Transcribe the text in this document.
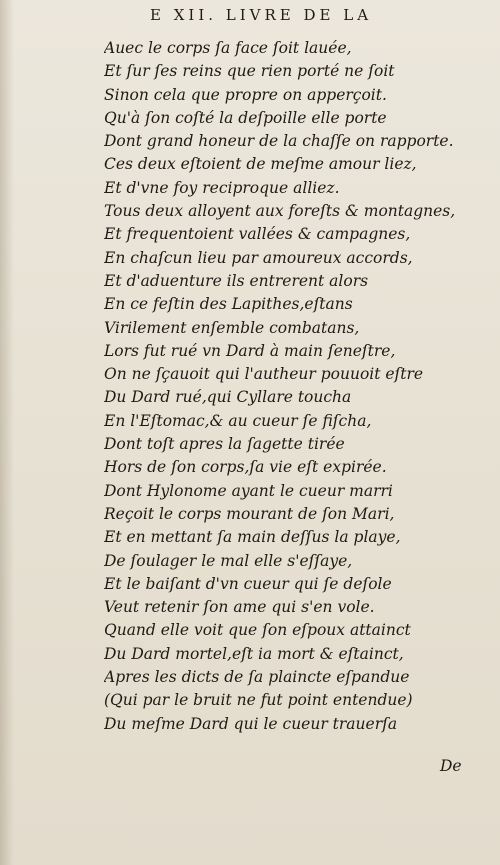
E XII. LIVRE DE LA
Auec le corps ſa face ſoit lauée,
Et ſur ſes reins que rien porté ne ſoit
Sinon cela que propre on apperçoit.
Qu'à ſon coſté la deſpoille elle porte
Dont grand honeur de la chaſſe on rapporte.
Ces deux eſtoient de meſme amour liez,
Et d'vne foy reciproque alliez.
Tous deux alloyent aux foreſts & montagnes,
Et frequentoient vallées & campagnes,
En chaſcun lieu par amoureux accords,
Et d'aduenture ils entrerent alors
En ce feſtin des Lapithes,eſtans
Virilement enſemble combatans,
Lors fut rué vn Dard à main ſeneſtre,
On ne ſçauoit qui l'autheur pouuoit eſtre
Du Dard rué,qui Cyllare toucha
En l'Eſtomac,& au cueur ſe fiſcha,
Dont toſt apres la ſagette tirée
Hors de ſon corps,ſa vie eſt expirée.
Dont Hylonome ayant le cueur marri
Reçoit le corps mourant de ſon Mari,
Et en mettant ſa main deſſus la playe,
De ſoulager le mal elle s'eſſaye,
Et le baiſant d'vn cueur qui ſe deſole
Veut retenir ſon ame qui s'en vole.
Quand elle voit que ſon eſpoux attainct
Du Dard mortel,eſt ia mort & eſtainct,
Apres les dicts de ſa plaincte eſpandue
(Qui par le bruit ne fut point entendue)
Du meſme Dard qui le cueur trauerſa
De
